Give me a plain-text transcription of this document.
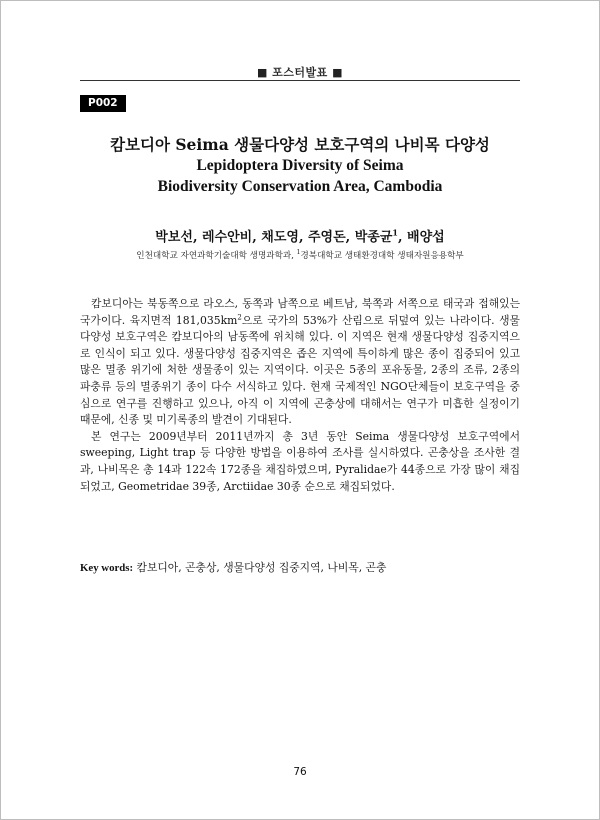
■ 포스터발표 ■
P002
캄보디아 Seima 생물다양성 보호구역의 나비목 다양성
Lepidoptera Diversity of Seima
Biodiversity Conservation Area, Cambodia
박보선, 레수안비, 채도영, 주영돈, 박종균$^1$, 배양섭
인천대학교 자연과학기술대학 생명과학과, $^1$경북대학교 생태환경대학 생태자원응용학부

캄보디아는 북동쪽으로 라오스, 동쪽과 남쪽으로 베트남, 북쪽과 서쪽으로 태국과 접해있는 국가이다. 육지면적 $181,035km^2$으로 국가의 53%가 산림으로 뒤덮여 있는 나라이다. 생물다양성 보호구역은 캄보디아의 남동쪽에 위치해 있다. 이 지역은 현재 생물다양성 집중지역으로 인식이 되고 있다. 생물다양성 집중지역은 좁은 지역에 특이하게 많은 종이 집중되어 있고 많은 멸종 위기에 처한 생물종이 있는 지역이다. 이곳은 5종의 포유동물, 2종의 조류, 2종의 파충류 등의 멸종위기 종이 다수 서식하고 있다. 현재 국제적인 NGO단체들이 보호구역을 중심으로 연구를 진행하고 있으나, 아직 이 지역에 곤충상에 대해서는 연구가 미흡한 실정이기 때문에, 신종 및 미기록종의 발견이 기대된다.

본 연구는 2009년부터 2011년까지 총 3년 동안 Seima 생물다양성 보호구역에서 sweeping, Light trap 등 다양한 방법을 이용하여 조사를 실시하였다. 곤충상을 조사한 결과, 나비목은 총 14과 122속 172종을 채집하였으며, Pyralidae가 44종으로 가장 많이 채집되었고, Geometridae 39종, Arctiidae 30종 순으로 채집되었다.

Key words: 캄보디아, 곤충상, 생물다양성 집중지역, 나비목, 곤충
76
